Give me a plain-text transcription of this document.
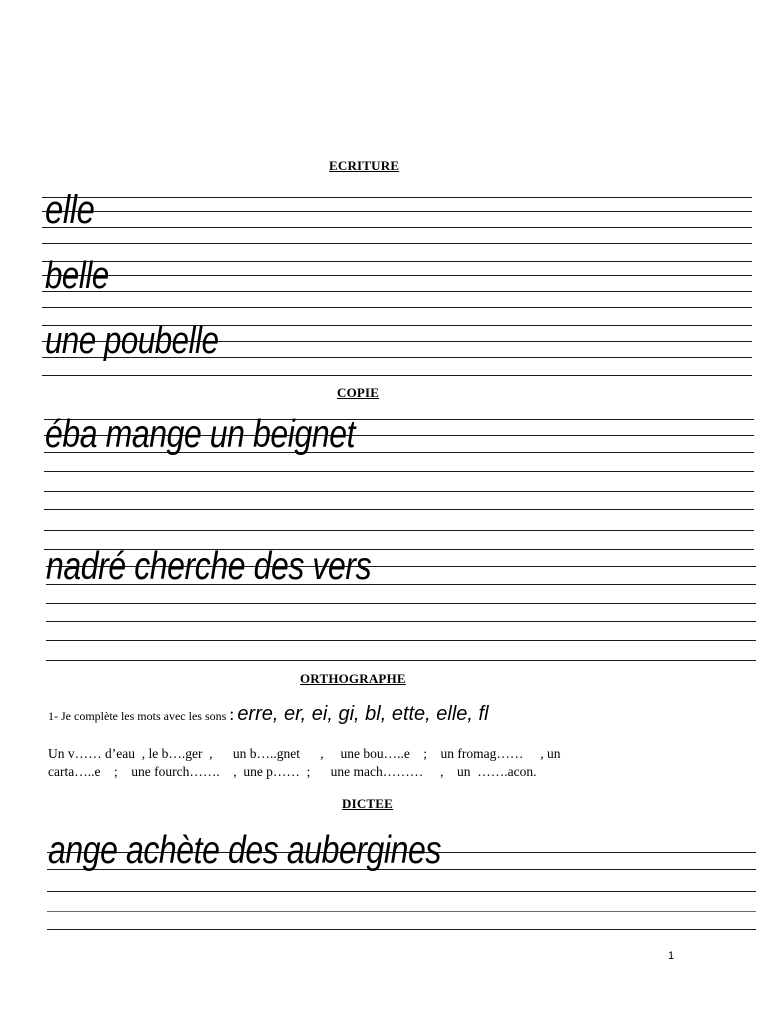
ECRITURE
elle
belle
une poubelle
COPIE
éba mange un beignet
nadré cherche des vers
ORTHOGRAPHE
1- Je complète les mots avec les sons : erre, er, ei, gi, bl, ette, elle, fl
Un v…… d’eau  , le b….ger  ,      un b…..gnet      ,     une bou…..e    ;    un fromag……     , un
carta…..e    ;    une fourch…….    ,  une p……  ;      une mach………     ,    un  …….acon.
DICTEE
ange achète des aubergines
1
